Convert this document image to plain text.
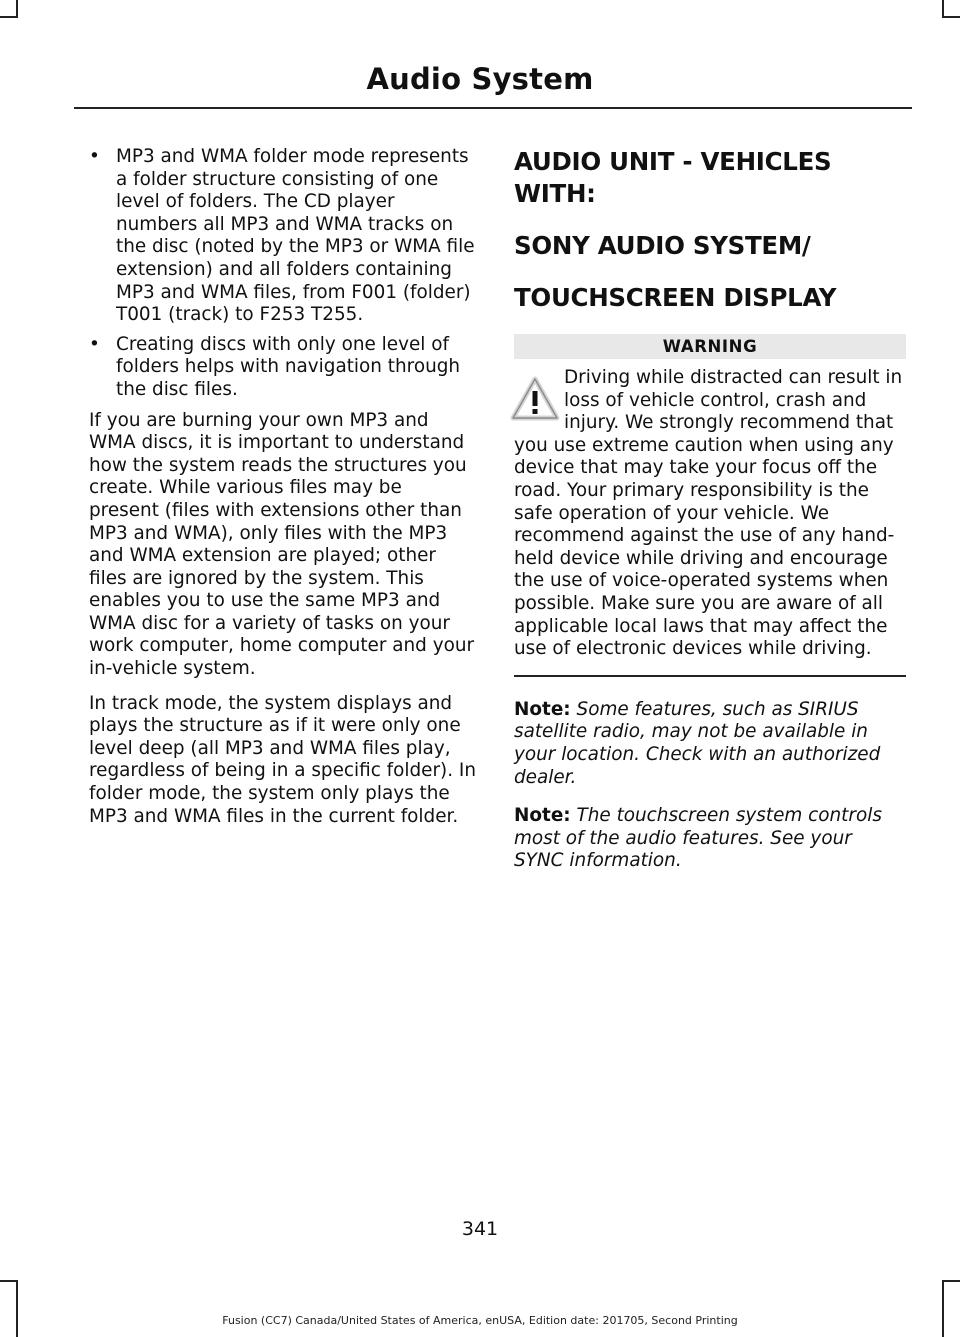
Audio System
• MP3 and WMA folder mode represents a folder structure consisting of one level of folders. The CD player numbers all MP3 and WMA tracks on the disc (noted by the MP3 or WMA file extension) and all folders containing MP3 and WMA files, from F001 (folder) T001 (track) to F253 T255.
• Creating discs with only one level of folders helps with navigation through the disc files.

If you are burning your own MP3 and WMA discs, it is important to understand how the system reads the structures you create. While various files may be present (files with extensions other than MP3 and WMA), only files with the MP3 and WMA extension are played; other files are ignored by the system. This enables you to use the same MP3 and WMA disc for a variety of tasks on your work computer, home computer and your in-vehicle system.

In track mode, the system displays and plays the structure as if it were only one level deep (all MP3 and WMA files play, regardless of being in a specific folder). In folder mode, the system only plays the MP3 and WMA files in the current folder.

AUDIO UNIT - VEHICLES WITH:
SONY AUDIO SYSTEM/
TOUCHSCREEN DISPLAY
WARNING
Driving while distracted can result in loss of vehicle control, crash and injury. We strongly recommend that you use extreme caution when using any device that may take your focus off the road. Your primary responsibility is the safe operation of your vehicle. We recommend against the use of any hand-held device while driving and encourage the use of voice-operated systems when possible. Make sure you are aware of all applicable local laws that may affect the use of electronic devices while driving.
Note: Some features, such as SIRIUS satellite radio, may not be available in your location. Check with an authorized dealer.
Note: The touchscreen system controls most of the audio features. See your SYNC information.
341
Fusion (CC7) Canada/United States of America, enUSA, Edition date: 201705, Second Printing
